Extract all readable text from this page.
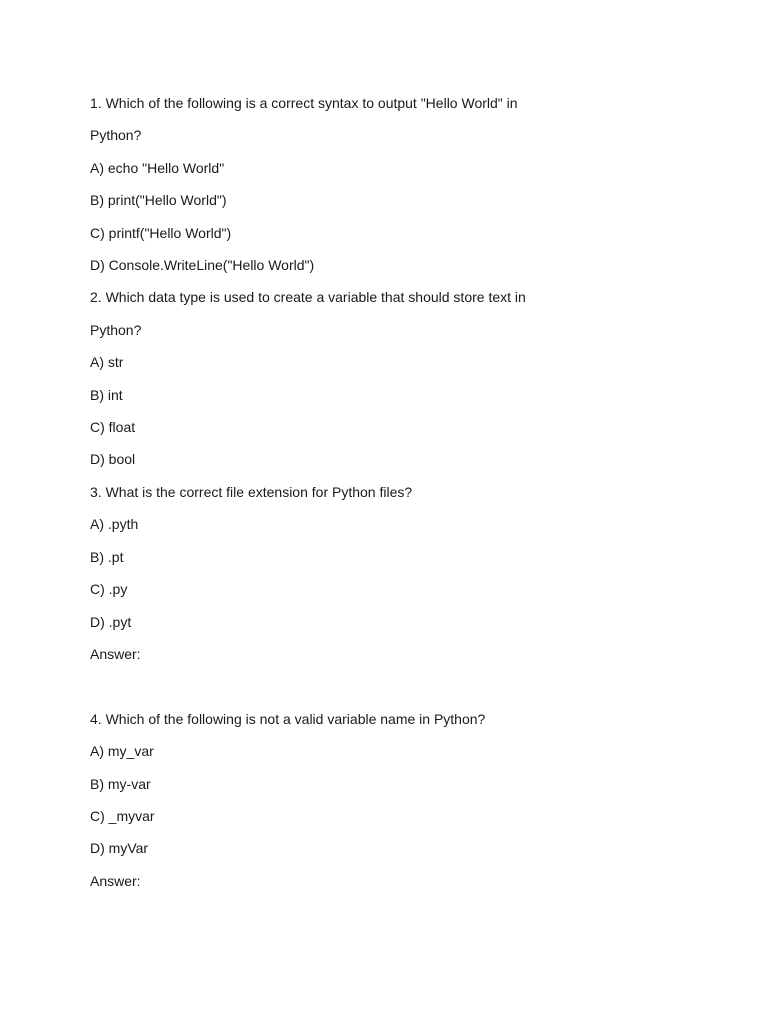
1. Which of the following is a correct syntax to output "Hello World" in
Python?
A) echo "Hello World"
B) print("Hello World")
C) printf("Hello World")
D) Console.WriteLine("Hello World")
2. Which data type is used to create a variable that should store text in
Python?
A) str
B) int
C) float
D) bool
3. What is the correct file extension for Python files?
A) .pyth
B) .pt
C) .py
D) .pyt
Answer:
4. Which of the following is not a valid variable name in Python?
A) my_var
B) my-var
C) _myvar
D) myVar
Answer:
